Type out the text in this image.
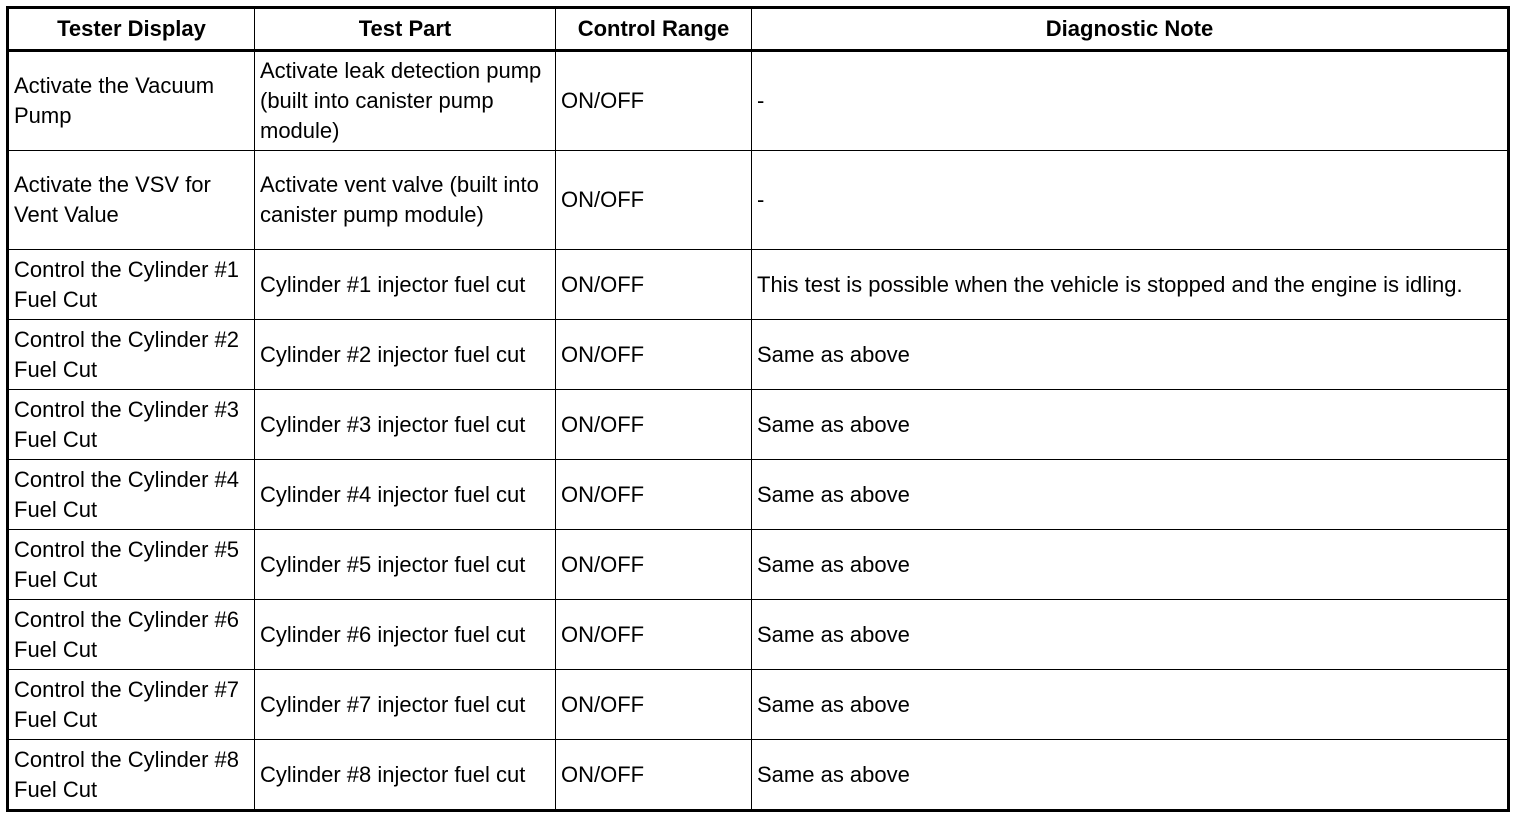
Tester Display	Test Part	Control Range	Diagnostic Note
Activate the Vacuum Pump	Activate leak detection pump (built into canister pump module)	ON/OFF	-
Activate the VSV for Vent Value	Activate vent valve (built into canister pump module)	ON/OFF	-
Control the Cylinder #1 Fuel Cut	Cylinder #1 injector fuel cut	ON/OFF	This test is possible when the vehicle is stopped and the engine is idling.
Control the Cylinder #2 Fuel Cut	Cylinder #2 injector fuel cut	ON/OFF	Same as above
Control the Cylinder #3 Fuel Cut	Cylinder #3 injector fuel cut	ON/OFF	Same as above
Control the Cylinder #4 Fuel Cut	Cylinder #4 injector fuel cut	ON/OFF	Same as above
Control the Cylinder #5 Fuel Cut	Cylinder #5 injector fuel cut	ON/OFF	Same as above
Control the Cylinder #6 Fuel Cut	Cylinder #6 injector fuel cut	ON/OFF	Same as above
Control the Cylinder #7 Fuel Cut	Cylinder #7 injector fuel cut	ON/OFF	Same as above
Control the Cylinder #8 Fuel Cut	Cylinder #8 injector fuel cut	ON/OFF	Same as above
